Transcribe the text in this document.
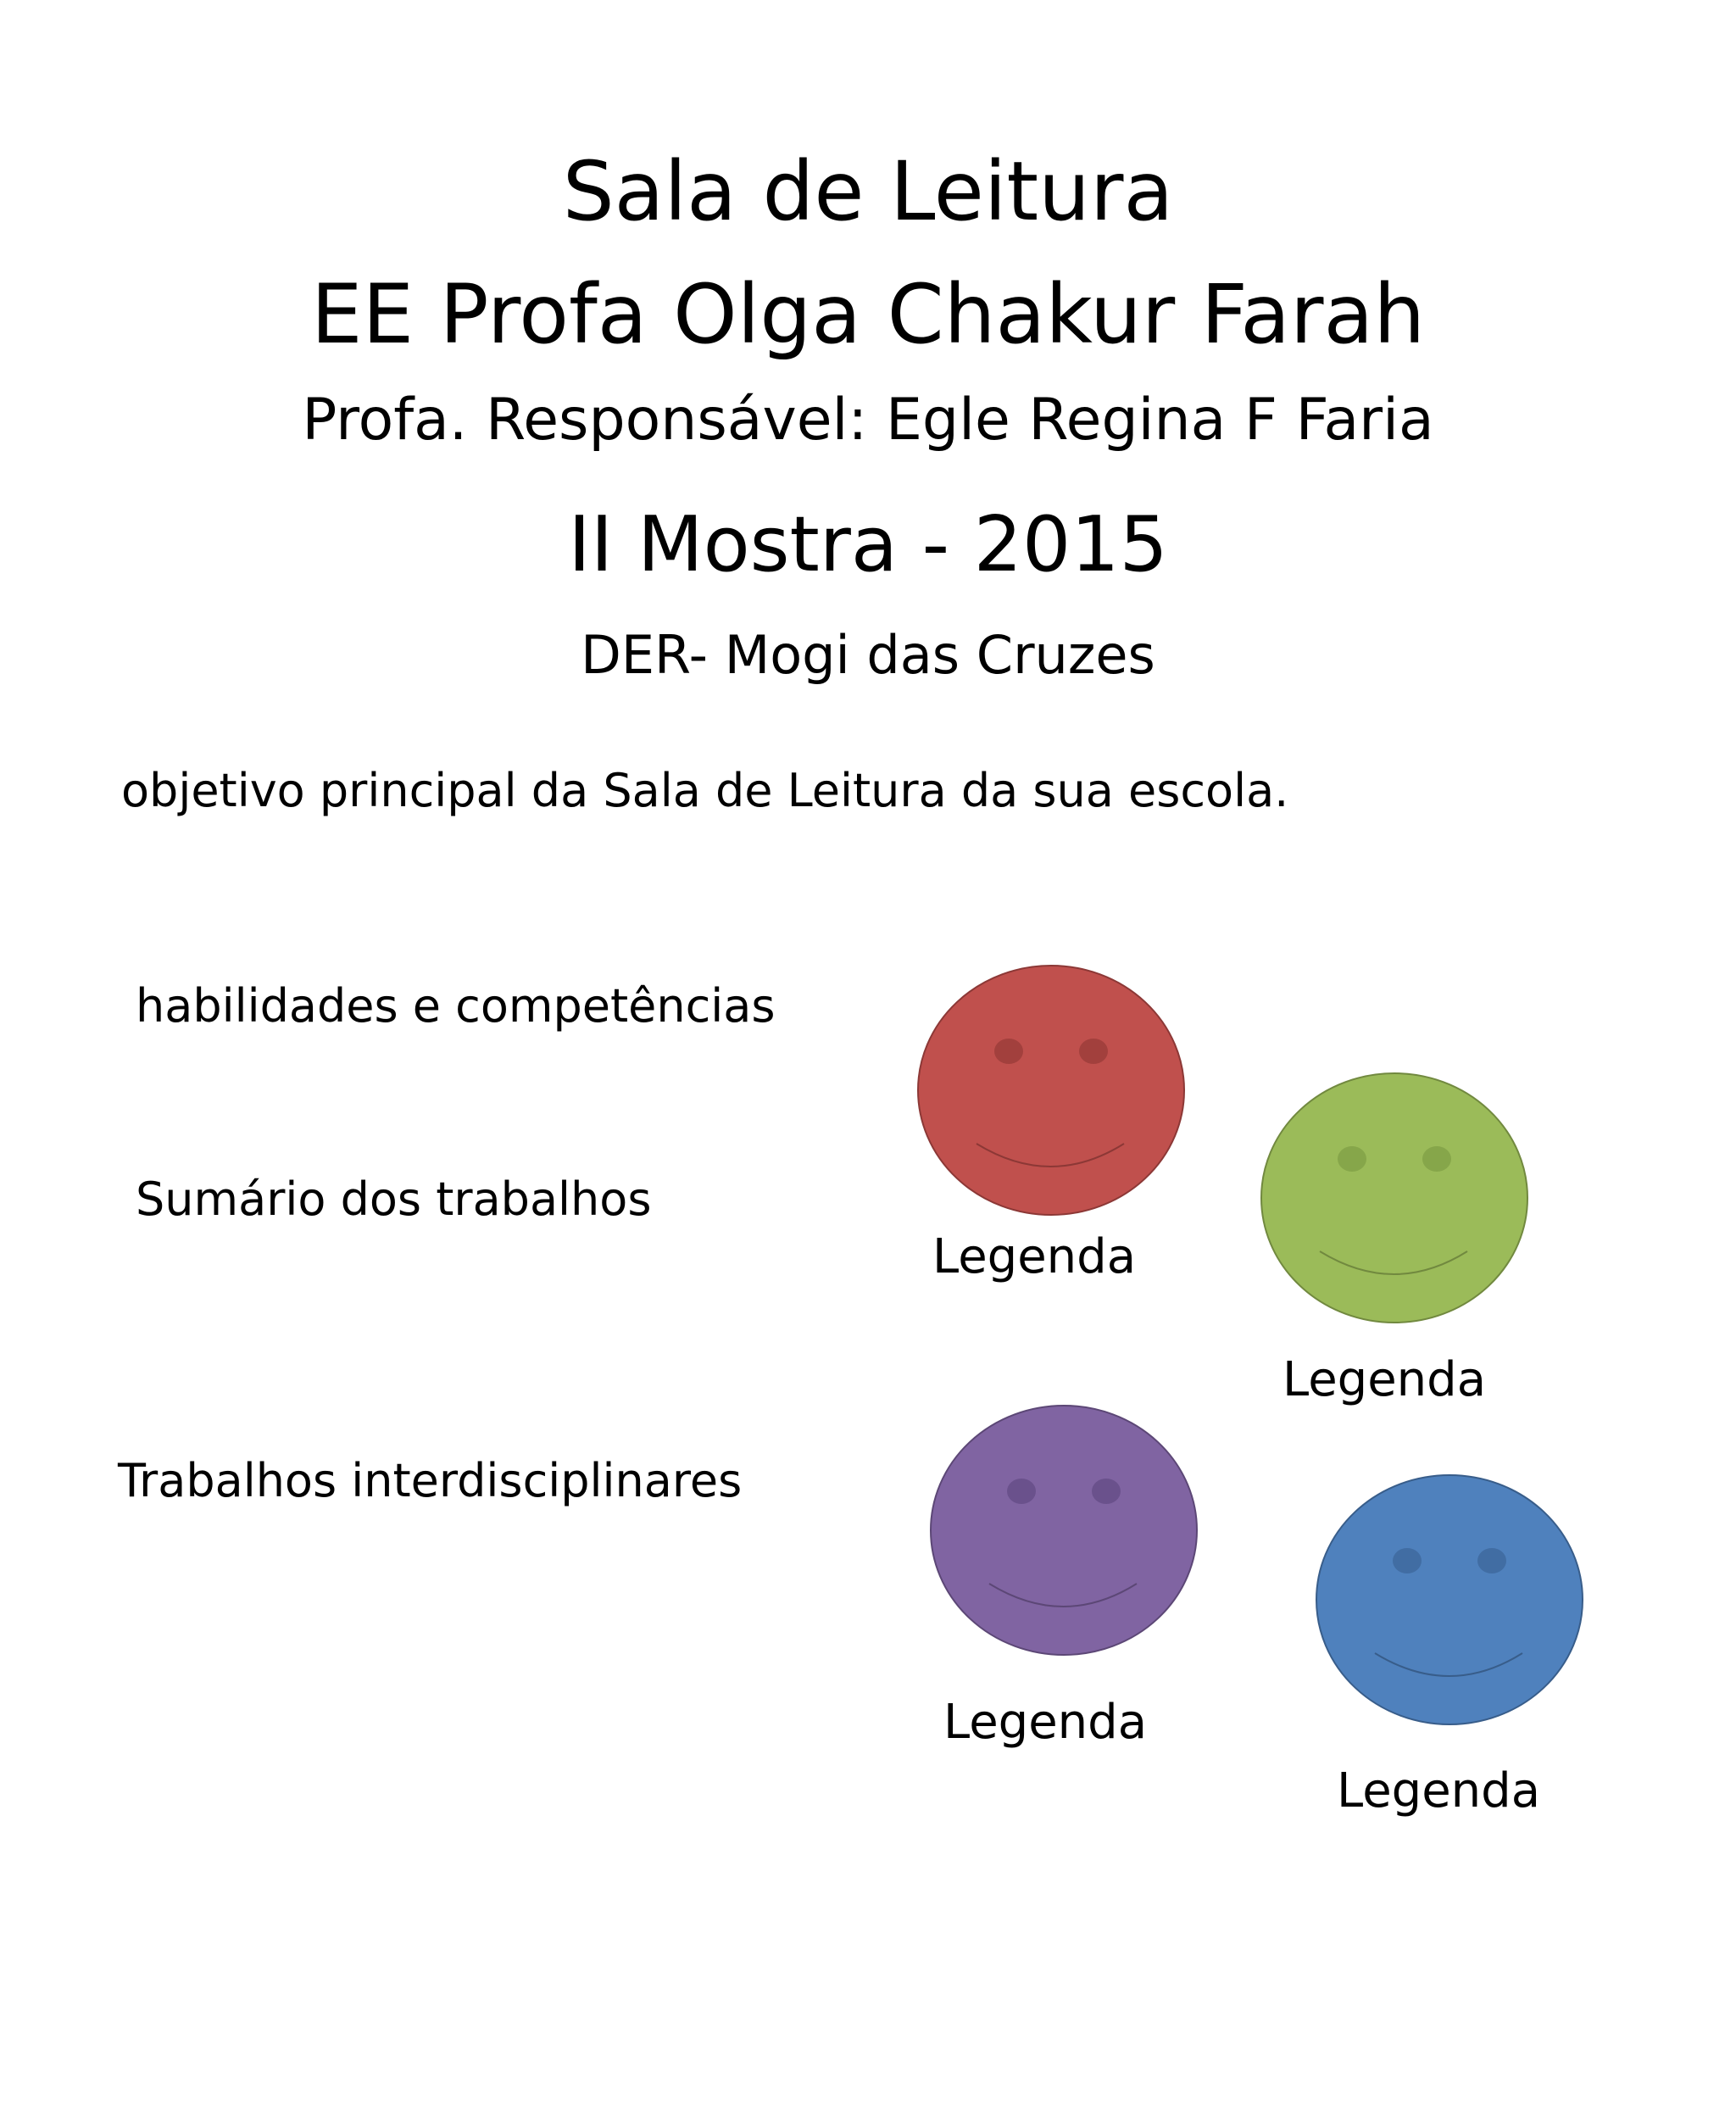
Sala de Leitura
EE Profa Olga Chakur Farah
Profa. Responsável: Egle Regina F Faria
II Mostra - 2015
DER- Mogi das Cruzes
objetivo principal da Sala de Leitura da sua escola.
habilidades e competências
Sumário dos trabalhos
Trabalhos interdisciplinares
Legenda
Legenda
Legenda
Legenda
